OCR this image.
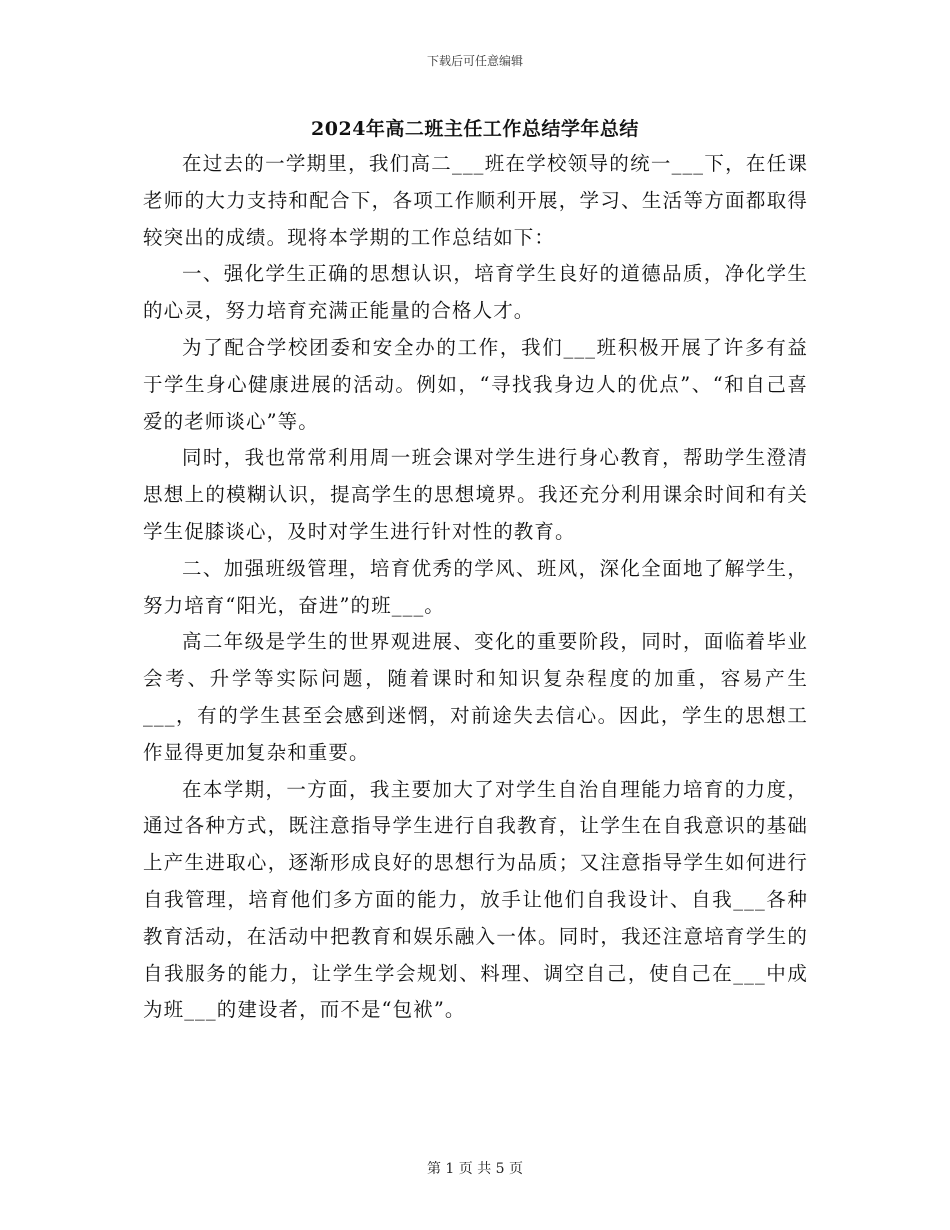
下载后可任意编辑
2024年高二班主任工作总结学年总结

在过去的一学期里，我们高二___班在学校领导的统一___下，在任课老师的大力支持和配合下，各项工作顺利开展，学习、生活等方面都取得较突出的成绩。现将本学期的工作总结如下：

一、强化学生正确的思想认识，培育学生良好的道德品质，净化学生的心灵，努力培育充满正能量的合格人才。

为了配合学校团委和安全办的工作，我们___班积极开展了许多有益于学生身心健康进展的活动。例如，“寻找我身边人的优点”、“和自己喜爱的老师谈心”等。

同时，我也常常利用周一班会课对学生进行身心教育，帮助学生澄清思想上的模糊认识，提高学生的思想境界。我还充分利用课余时间和有关学生促膝谈心，及时对学生进行针对性的教育。

二、加强班级管理，培育优秀的学风、班风，深化全面地了解学生，努力培育“阳光，奋进”的班___。

高二年级是学生的世界观进展、变化的重要阶段，同时，面临着毕业会考、升学等实际问题，随着课时和知识复杂程度的加重，容易产生___，有的学生甚至会感到迷惘，对前途失去信心。因此，学生的思想工作显得更加复杂和重要。

在本学期，一方面，我主要加大了对学生自治自理能力培育的力度，通过各种方式，既注意指导学生进行自我教育，让学生在自我意识的基础上产生进取心，逐渐形成良好的思想行为品质；又注意指导学生如何进行自我管理，培育他们多方面的能力，放手让他们自我设计、自我___各种教育活动，在活动中把教育和娱乐融入一体。同时，我还注意培育学生的自我服务的能力，让学生学会规划、料理、调空自己，使自己在___中成为班___的建设者，而不是“包袱”。

第 1 页 共 5 页
